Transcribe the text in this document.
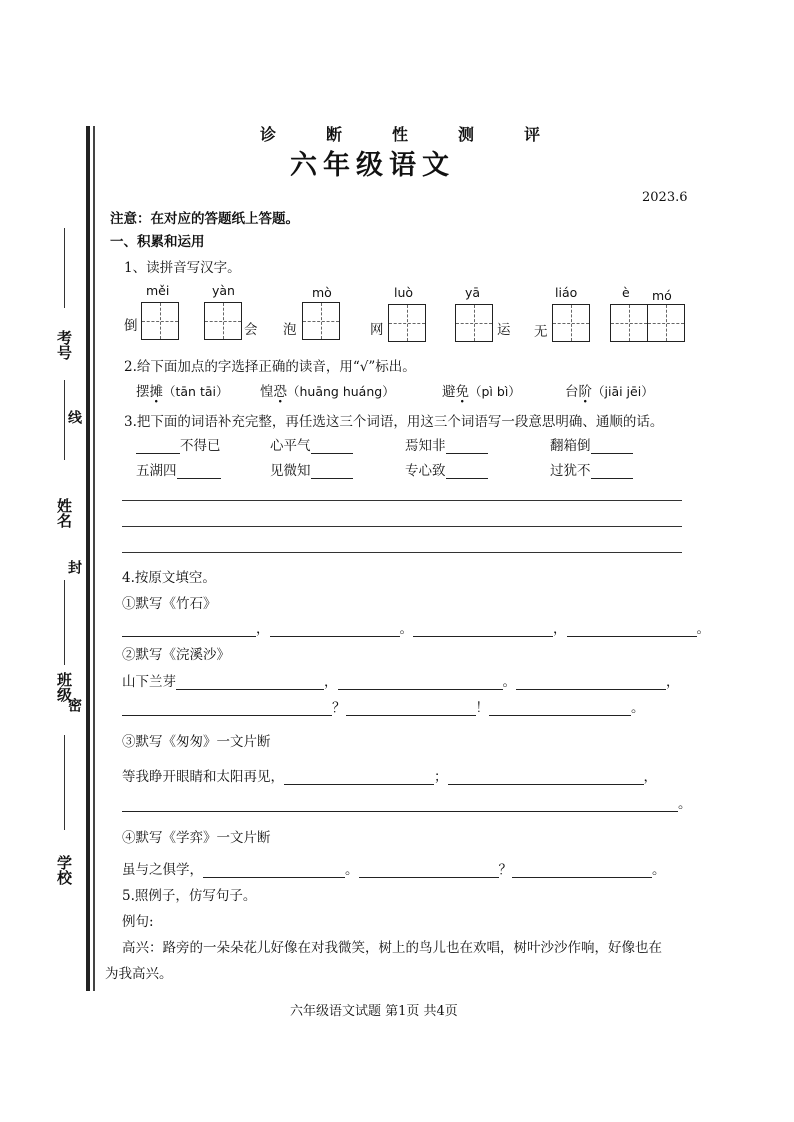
考号
姓名
班级
学校
线
封
密
诊	断	性	测	评
六年级语文
2023.6
注意：在对应的答题纸上答题。
一、积累和运用
1、读拼音写汉字。
měi	yàn	mò	luò	yā	liáo	è mó
倒	会 泡	网	运 无
2.给下面加点的字选择正确的读音，用“√”标出。
摆摊（tān tāi） 惶恐（huāng huáng）	避免（pì bì）	台阶（jiāi jēi）
3.把下面的词语补充完整，再任选这三个词语，用这三个词语写一段意思明确、通顺的话。
不得已	心平气	焉知非	翻箱倒
五湖四	见微知	专心致	过犹不
4.按原文填空。
①默写《竹石》
，	。	，	。
②默写《浣溪沙》
山下兰芽	，	。	，
？	！	。
③默写《匆匆》一文片断
等我睁开眼睛和太阳再见，	；	，
。
④默写《学弈》一文片断
虽与之俱学，	。	？	。
5.照例子，仿写句子。
例句:
高兴：路旁的一朵朵花儿好像在对我微笑，树上的鸟儿也在欢唱，树叶沙沙作响，好像也在
为我高兴。
六年级语文试题 第1页 共4页
